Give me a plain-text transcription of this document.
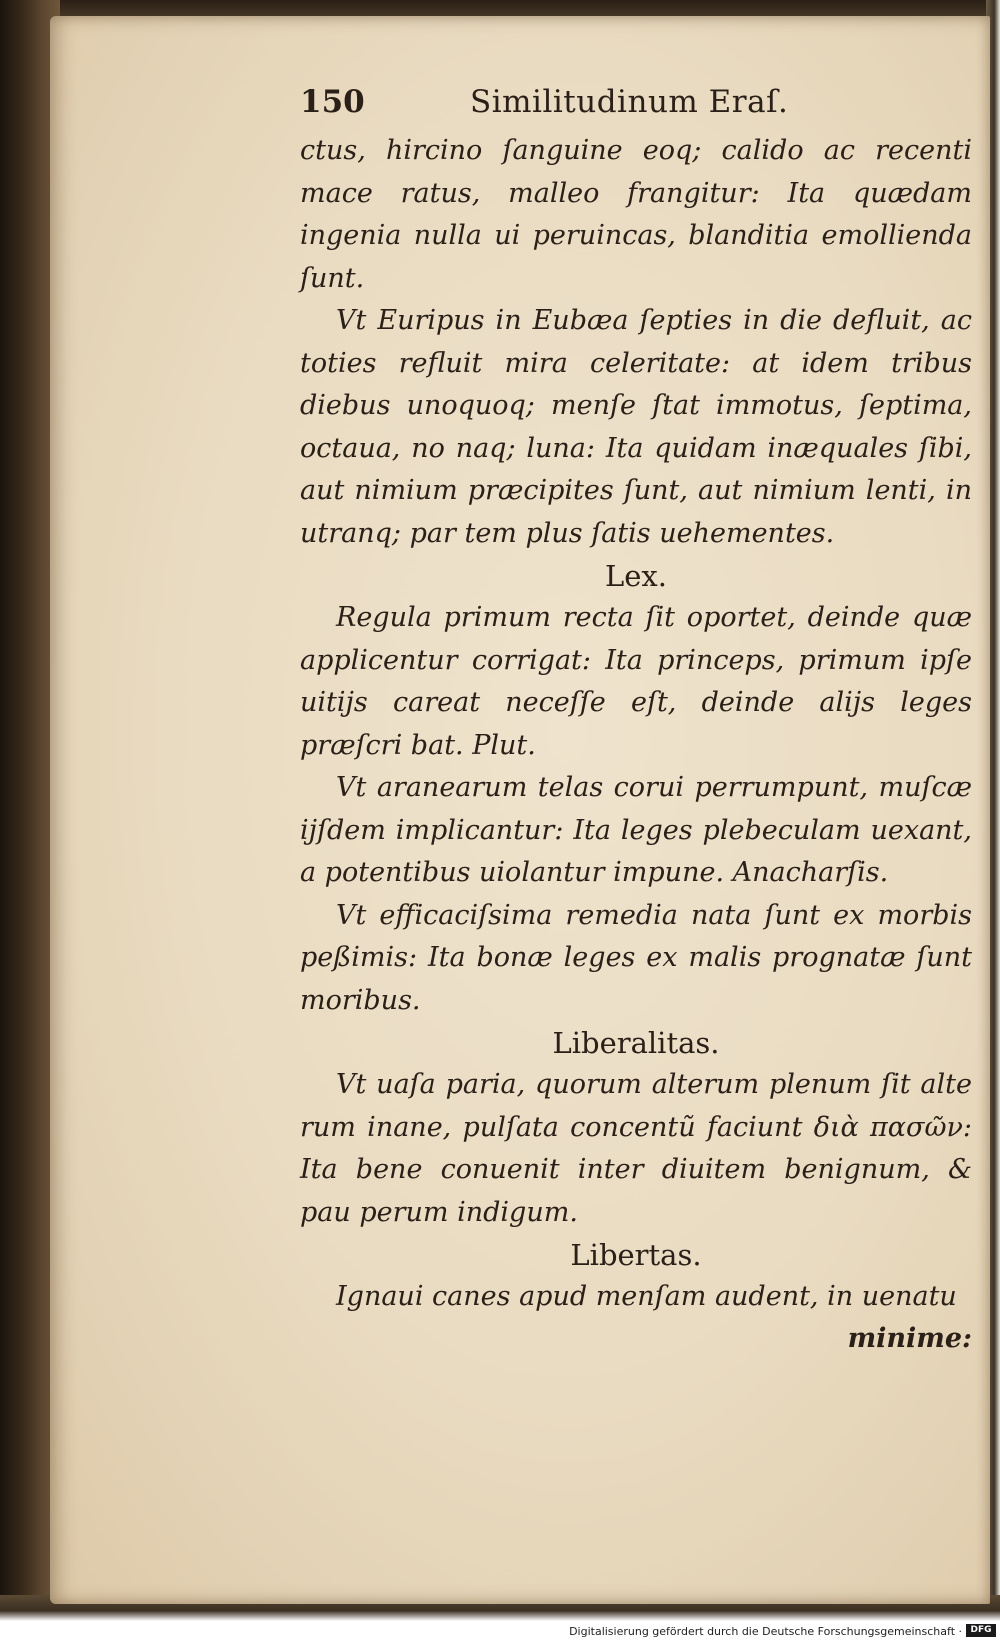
150	Similitudinum Eraſ.

ctus, hircino ſanguine eoq; calido ac recenti mace ratus, malleo frangitur: Ita quædam ingenia nulla ui peruincas, blanditia emollienda ſunt.

Vt Euripus in Eubæa ſepties in die defluit, ac toties refluit mira celeritate: at idem tribus diebus unoquoq; menſe ſtat immotus, ſeptima, octaua, no naq; luna: Ita quidam inæquales ſibi, aut nimium præcipites ſunt, aut nimium lenti, in utranq; par tem plus ſatis uehementes.

Lex.

Regula primum recta ſit oportet, deinde quæ applicentur corrigat: Ita princeps, primum ipſe uitijs careat neceſſe eſt, deinde alijs leges præſcri bat. Plut.

Vt aranearum telas corui perrumpunt, muſcæ ijſdem implicantur: Ita leges plebeculam uexant, a potentibus uiolantur impune. Anacharſis.

Vt efficaciſsima remedia nata ſunt ex morbis peßimis: Ita bonæ leges ex malis prognatæ ſunt moribus.

Liberalitas.

Vt uaſa paria, quorum alterum plenum ſit alte rum inane, pulſata concentũ faciunt διὰ πασῶν: Ita bene conuenit inter diuitem benignum, & pau perum indigum.

Libertas.

Ignaui canes apud menſam audent, in uenatu

minime:

Digitalisierung gefördert durch die Deutsche Forschungsgemeinschaft · DFG
